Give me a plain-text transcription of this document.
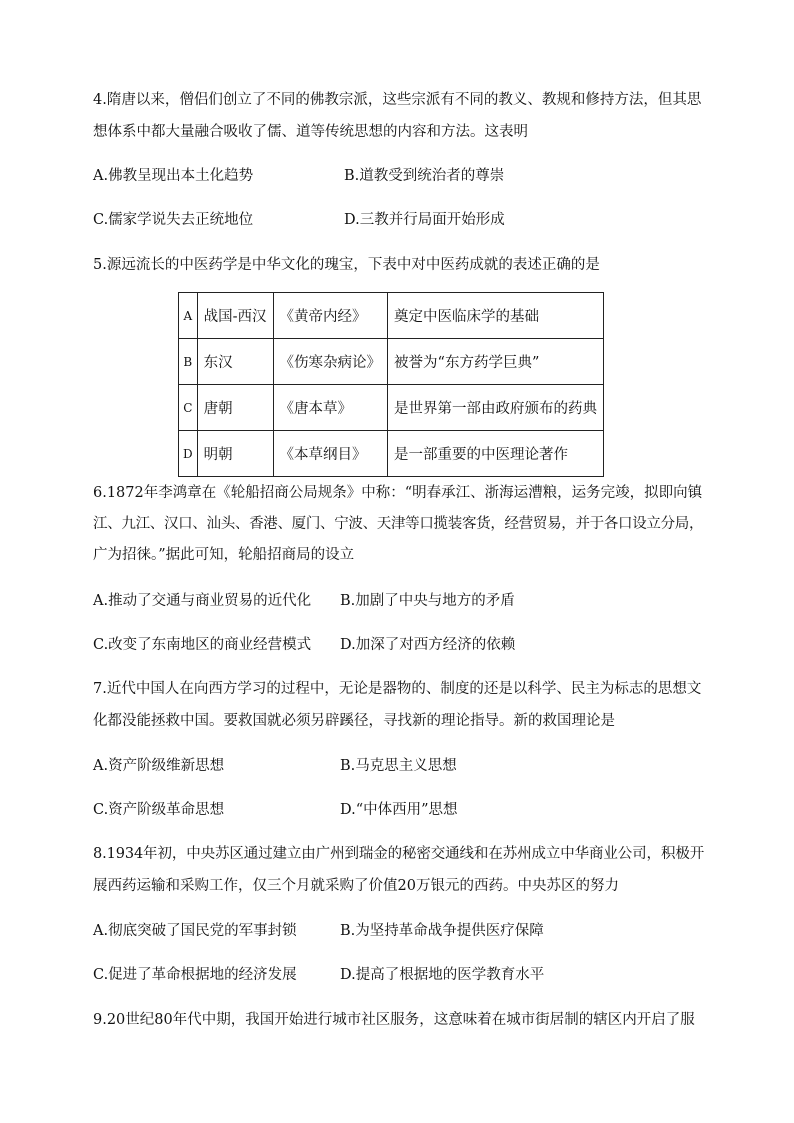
4.隋唐以来，僧侣们创立了不同的佛教宗派，这些宗派有不同的教义、教规和修持方法，但其思
想体系中都大量融合吸收了儒、道等传统思想的内容和方法。这表明
A.佛教呈现出本土化趋势	B.道教受到统治者的尊崇
C.儒家学说失去正统地位	D.三教并行局面开始形成
5.源远流长的中医药学是中华文化的瑰宝，下表中对中医药成就的表述正确的是
A	战国-西汉	《黄帝内经》	奠定中医临床学的基础
B	东汉	《伤寒杂病论》	被誉为“东方药学巨典”
C	唐朝	《唐本草》	是世界第一部由政府颁布的药典
D	明朝	《本草纲目》	是一部重要的中医理论著作
6.1872年李鸿章在《轮船招商公局规条》中称：“明春承江、浙海运漕粮，运务完竣，拟即向镇
江、九江、汉口、汕头、香港、厦门、宁波、天津等口揽装客货，经营贸易，并于各口设立分局，
广为招徕。”据此可知，轮船招商局的设立
A.推动了交通与商业贸易的近代化 B.加剧了中央与地方的矛盾
C.改变了东南地区的商业经营模式 D.加深了对西方经济的依赖
7.近代中国人在向西方学习的过程中，无论是器物的、制度的还是以科学、民主为标志的思想文
化都没能拯救中国。要救国就必须另辟蹊径，寻找新的理论指导。新的救国理论是
A.资产阶级维新思想	B.马克思主义思想
C.资产阶级革命思想	D.“中体西用”思想
8.1934年初，中央苏区通过建立由广州到瑞金的秘密交通线和在苏州成立中华商业公司，积极开
展西药运输和采购工作，仅三个月就采购了价值20万银元的西药。中央苏区的努力
A.彻底突破了国民党的军事封锁	B.为坚持革命战争提供医疗保障
C.促进了革命根据地的经济发展	D.提高了根据地的医学教育水平
9.20世纪80年代中期，我国开始进行城市社区服务，这意味着在城市街居制的辖区内开启了服
